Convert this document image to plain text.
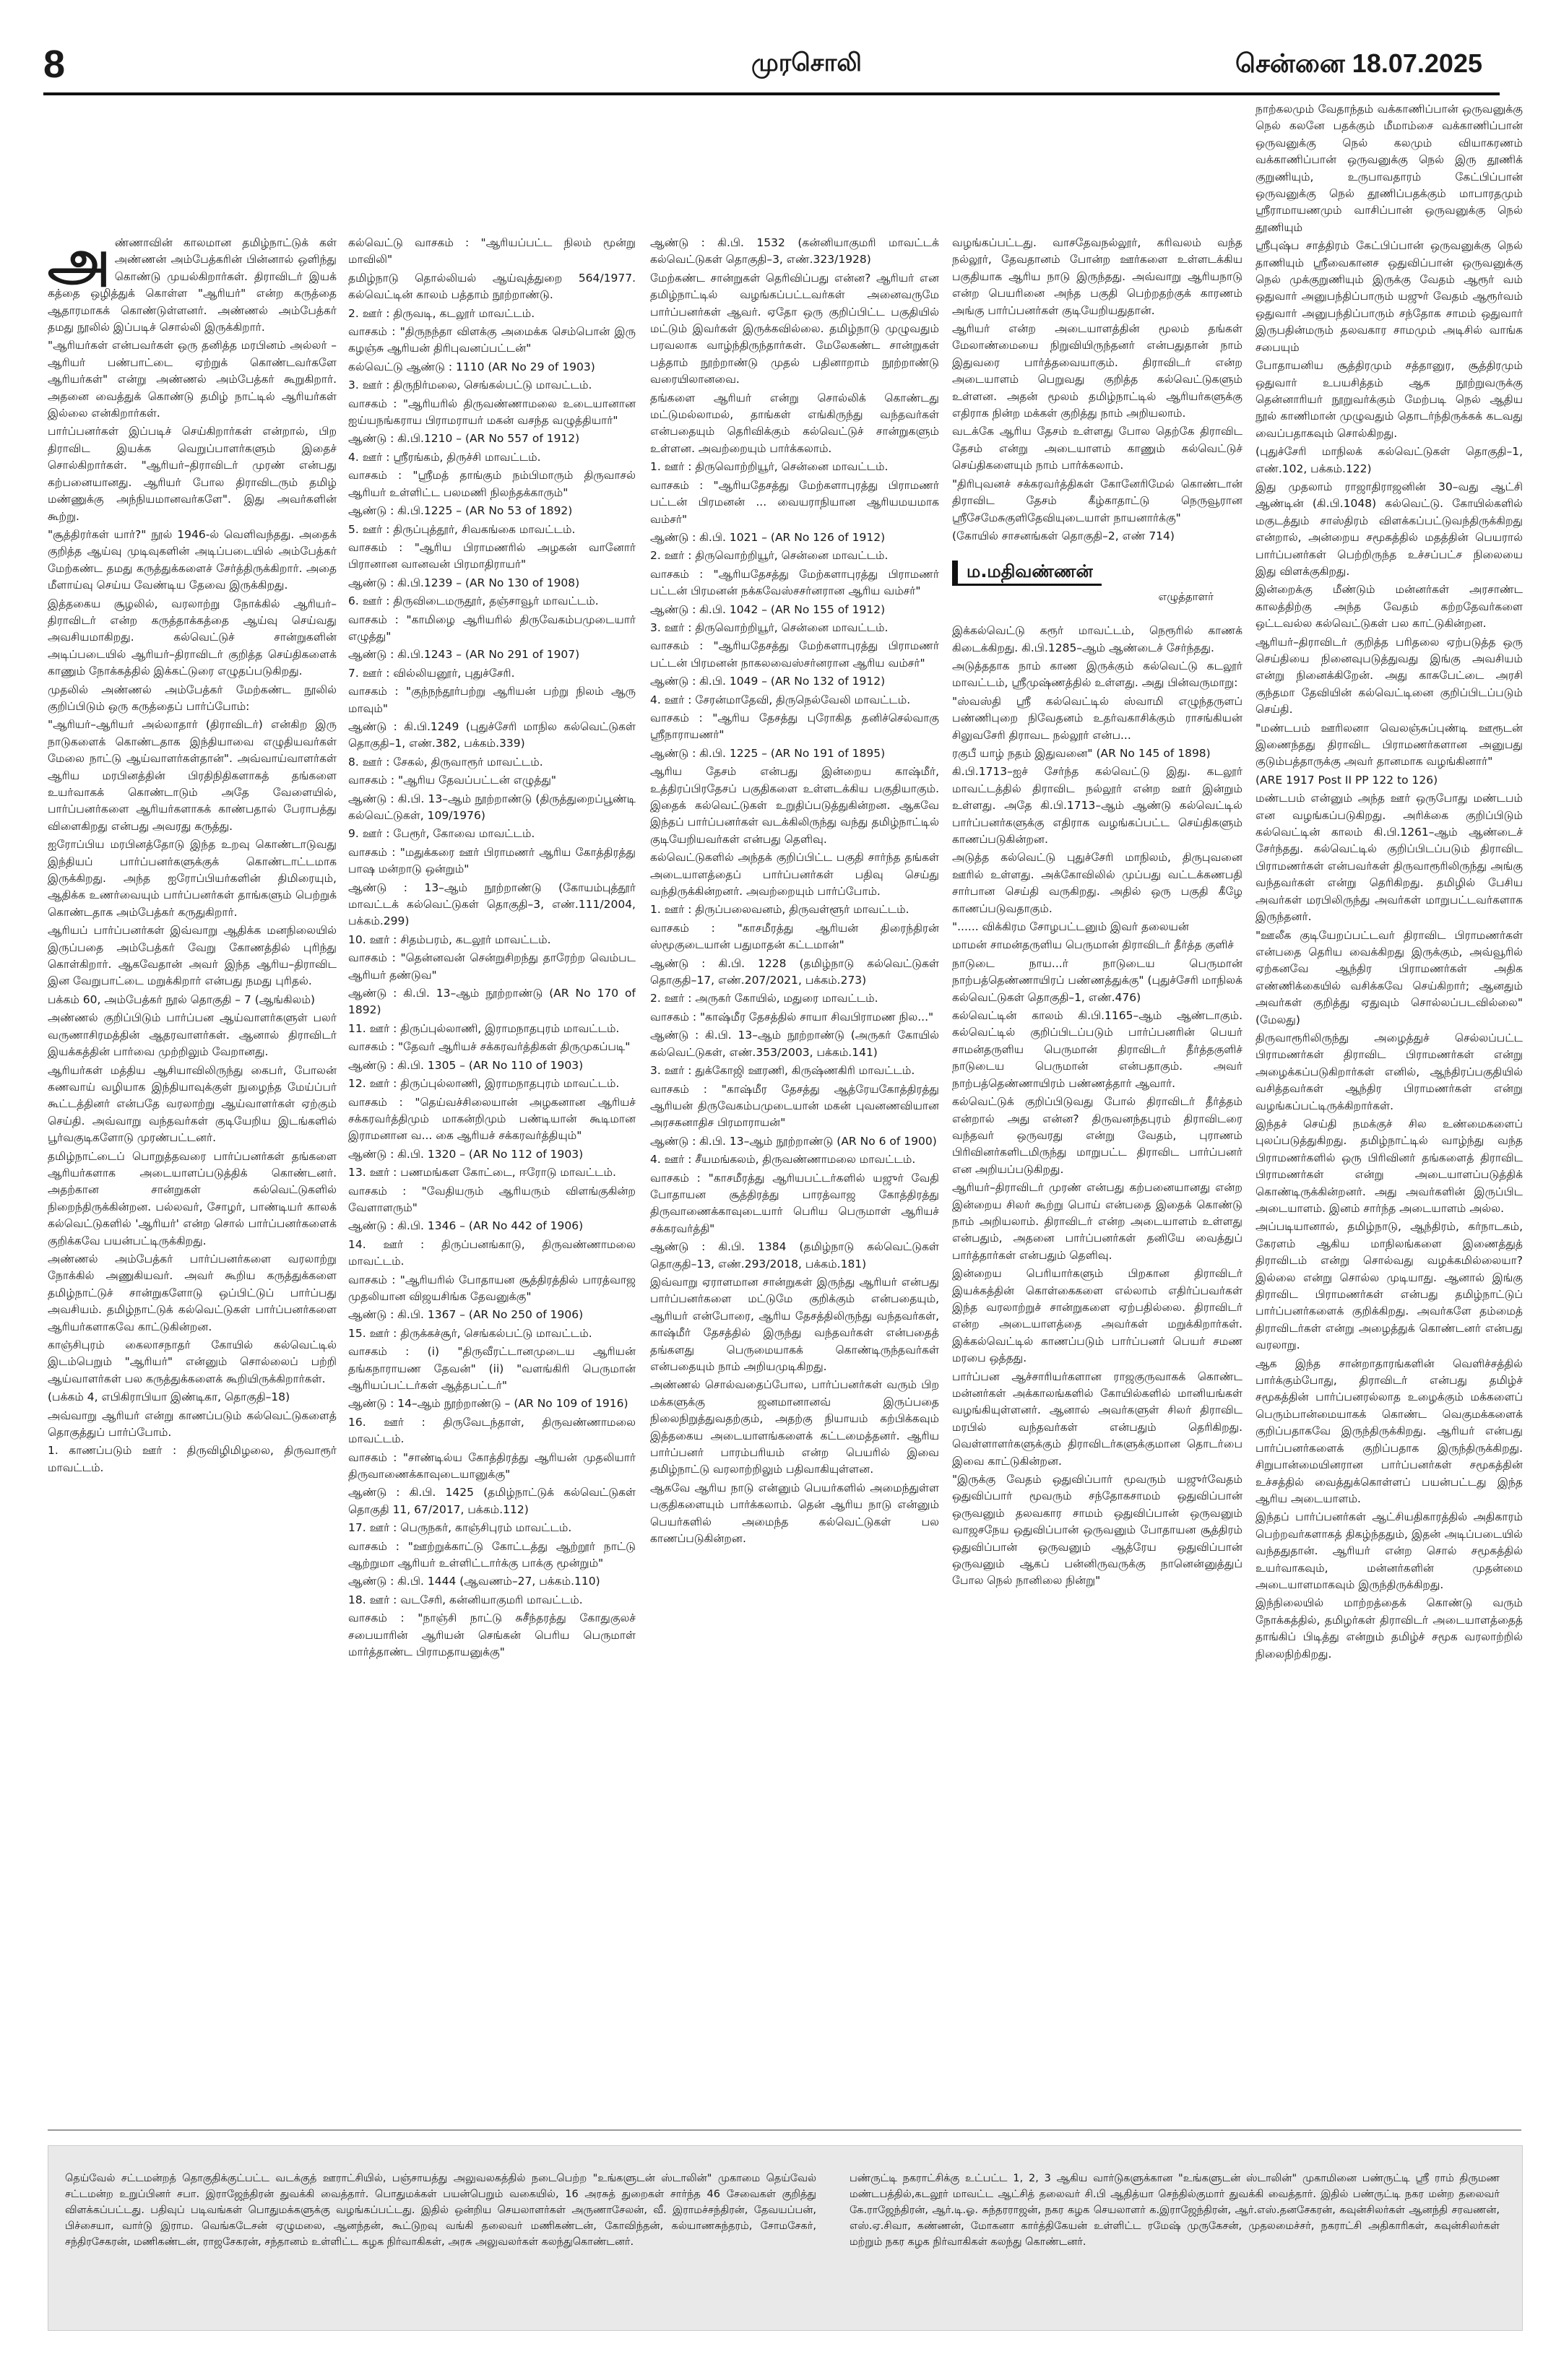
8	முரசொலி	சென்னை 18.07.2025

அண்ணாவின் காலமான தமிழ்நாட்டுக் கள் அண்ணன் அம்பேத்கரின் பின்னால் ஒளிந்து கொண்டு முயல்கிறார்கள். திராவிடர் இயக் கத்தை ஒழித்துக் கொள்ள "ஆரியர்" என்ற கருத்தை ஆதாரமாகக் கொண்டுள்ளனர். அண்ணல் அம்பேத்கர் தமது நூலில் இப்படிச் சொல்லி இருக்கிறார்.

"ஆரியர்கள் என்பவர்கள் ஒரு தனித்த மரபினம் அல்லர் – ஆரியர் பண்பாட்டை ஏற்றுக் கொண்டவர்களே ஆரியர்கள்" என்று அண்ணல் அம்பேத்கர் கூறுகிறார். அதனை வைத்துக் கொண்டு தமிழ் நாட்டில் ஆரியர்கள் இல்லை என்கிறார்கள்.

பார்ப்பனர்கள் இப்படிச் செய்கிறார்கள் என்றால், பிற திராவிட இயக்க வெறுப்பாளர்களும் இதைச் சொல்கிறார்கள். "ஆரியர்–திராவிடர் முரண் என்பது கற்பனையானது. ஆரியர் போல திராவிடரும் தமிழ் மண்ணுக்கு அந்நியமானவர்களே". இது அவர்களின் கூற்று.

"சூத்திரர்கள் யார்?" நூல் 1946-ல் வெளிவந்தது. அதைக் குறித்த ஆய்வு முடிவுகளின் அடிப்படையில் அம்பேத்கர் மேற்கண்ட தமது கருத்துக்களைச் சேர்த்திருக்கிறார். அதை மீளாய்வு செய்ய வேண்டிய தேவை இருக்கிறது.

இத்தகைய சூழலில், வரலாற்று நோக்கில் ஆரியர்–திராவிடர் என்ற கருத்தாக்கத்தை ஆய்வு செய்வது அவசியமாகிறது. கல்வெட்டுச் சான்றுகளின் அடிப்படையில் ஆரியர்–திராவிடர் குறித்த செய்திகளைக் காணும் நோக்கத்தில் இக்கட்டுரை எழுதப்படுகிறது.

முதலில் அண்ணல் அம்பேத்கர் மேற்கண்ட நூலில் குறிப்பிடும் ஒரு கருத்தைப் பார்ப்போம்:

"ஆரியர்–ஆரியர் அல்லாதார் (திராவிடர்) என்கிற இரு நாடுகளைக் கொண்டதாக இந்தியாவை எழுதியவர்கள் மேலை நாட்டு ஆய்வாளர்கள்தான்". அவ்வாய்வாளர்கள் ஆரிய மரபினத்தின் பிரதிநிதிகளாகத் தங்களை உயர்வாகக் கொண்டாடும் அதே வேளையில், பார்ப்பனர்களை ஆரியர்களாகக் காண்பதால் பேராபத்து விளைகிறது என்பது அவரது கருத்து.

ஐரோப்பிய மரபினத்தோடு இந்த உறவு கொண்டாடுவது இந்தியப் பார்ப்பனர்களுக்குக் கொண்டாட்டமாக இருக்கிறது. அந்த ஐரோப்பியர்களின் திமிரையும், ஆதிக்க உணர்வையும் பார்ப்பனர்கள் தாங்களும் பெற்றுக் கொண்டதாக அம்பேத்கர் கருதுகிறார்.

ஆரியப் பார்ப்பனர்கள் இவ்வாறு ஆதிக்க மனநிலையில் இருப்பதை அம்பேத்கர் வேறு கோணத்தில் புரிந்து கொள்கிறார். ஆகவேதான் அவர் இந்த ஆரிய–திராவிட இன வேறுபாட்டை மறுக்கிறார் என்பது நமது புரிதல்.

பக்கம் 60, அம்பேத்கர் நூல் தொகுதி – 7 (ஆங்கிலம்)

அண்ணல் குறிப்பிடும் பார்ப்பன ஆய்வாளர்களுள் பலர் வருணாசிரமத்தின் ஆதரவாளர்கள். ஆனால் திராவிடர் இயக்கத்தின் பார்வை முற்றிலும் வேறானது.

ஆரியர்கள் மத்திய ஆசியாவிலிருந்து கைபர், போலன் கணவாய் வழியாக இந்தியாவுக்குள் நுழைந்த மேய்ப்பர் கூட்டத்தினர் என்பதே வரலாற்று ஆய்வாளர்கள் ஏற்கும் செய்தி. அவ்வாறு வந்தவர்கள் குடியேறிய இடங்களில் பூர்வகுடிகளோடு முரண்பட்டனர்.

தமிழ்நாட்டைப் பொறுத்தவரை பார்ப்பனர்கள் தங்களை ஆரியர்களாக அடையாளப்படுத்திக் கொண்டனர். அதற்கான சான்றுகள் கல்வெட்டுகளில் நிறைந்திருக்கின்றன. பல்லவர், சோழர், பாண்டியர் காலக் கல்வெட்டுகளில் 'ஆரியர்' என்ற சொல் பார்ப்பனர்களைக் குறிக்கவே பயன்பட்டிருக்கிறது.

அண்ணல் அம்பேத்கர் பார்ப்பனர்களை வரலாற்று நோக்கில் அணுகியவர். அவர் கூறிய கருத்துக்களை தமிழ்நாட்டுச் சான்றுகளோடு ஒப்பிட்டுப் பார்ப்பது அவசியம். தமிழ்நாட்டுக் கல்வெட்டுகள் பார்ப்பனர்களை ஆரியர்களாகவே காட்டுகின்றன.

காஞ்சிபுரம் கைலாசநாதர் கோயில் கல்வெட்டில் இடம்பெறும் "ஆரியர்" என்னும் சொல்லைப் பற்றி ஆய்வாளர்கள் பல கருத்துக்களைக் கூறியிருக்கிறார்கள்.

(பக்கம் 4, எபிகிராபியா இண்டிகா, தொகுதி–18)

அவ்வாறு ஆரியர் என்று காணப்படும் கல்வெட்டுகளைத் தொகுத்துப் பார்ப்போம்.

1. காணப்படும் ஊர் : திருவிழிமிழலை, திருவாரூர் மாவட்டம்.

கல்வெட்டு வாசகம் : "ஆரியப்பட்ட நிலம் மூன்று மாவிலி"

தமிழ்நாடு தொல்லியல் ஆய்வுத்துறை 564/1977. கல்வெட்டின் காலம் பத்தாம் நூற்றாண்டு.

2. ஊர் : திருவடி, கடலூர் மாவட்டம்.

வாசகம் : "திருநந்தா விளக்கு அமைக்க செம்பொன் இரு கழஞ்சு ஆரியன் திரிபுவனப்பட்டன்"

கல்வெட்டு ஆண்டு : 1110 (AR No 29 of 1903)

3. ஊர் : திருநிர்மலை, செங்கல்பட்டு மாவட்டம்.

வாசகம் : "ஆரியரில் திருவண்ணாமலை உடையானான ஐய்யநங்கராய பிராமராயர் மகன் வசந்த வழுத்தியார்"

ஆண்டு : கி.பி.1210 – (AR No 557 of 1912)

4. ஊர் : ஸ்ரீரங்கம், திருச்சி மாவட்டம்.

வாசகம் : "ஸ்ரீமத் தாங்கும் நம்பிமாரும் திருவாசல் ஆரியர் உள்ளிட்ட பலமணி நிலந்தக்காரும்"

ஆண்டு : கி.பி.1225 – (AR No 53 of 1892)

5. ஊர் : திருப்புத்தூர், சிவகங்கை மாவட்டம்.

வாசகம் : "ஆரிய பிராமணரில் அழகன் வானோர் பிரானான வானவன் பிரமாதிராயர்"

ஆண்டு : கி.பி.1239 – (AR No 130 of 1908)

6. ஊர் : திருவிடைமருதூர், தஞ்சாவூர் மாவட்டம்.

வாசகம் : "காமிழை ஆரியரில் திருவேகம்பமுடையார் எழுத்து"

ஆண்டு : கி.பி.1243 – (AR No 291 of 1907)

7. ஊர் : வில்லியனூர், புதுச்சேரி.

வாசகம் : "குந்நந்தூர்பற்று ஆரியன் பற்று நிலம் ஆரு மாவும்"

ஆண்டு : கி.பி.1249 (புதுச்சேரி மாநில கல்வெட்டுகள் தொகுதி–1, எண்.382, பக்கம்.339)

8. ஊர் : சேகல், திருவாரூர் மாவட்டம்.

வாசகம் : "ஆரிய தேவப்பட்டன் எழுத்து"

ஆண்டு : கி.பி. 13–ஆம் நூற்றாண்டு (திருத்துறைப்பூண்டி கல்வெட்டுகள், 109/1976)

9. ஊர் : பேரூர், கோவை மாவட்டம்.

வாசகம் : "மதுக்கரை ஊர் பிராமணர் ஆரிய கோத்திரத்து பாஷ மன்றாடு ஒன்றும்"

ஆண்டு : 13–ஆம் நூற்றாண்டு (கோயம்புத்தூர் மாவட்டக் கல்வெட்டுகள் தொகுதி–3, எண்.111/2004, பக்கம்.299)

10. ஊர் : சிதம்பரம், கடலூர் மாவட்டம்.

வாசகம் : "தென்னவன் சென்றுசிறந்து தாரேற்ற வெம்பட ஆரியர் தண்டுவ"

ஆண்டு : கி.பி. 13–ஆம் நூற்றாண்டு (AR No 170 of 1892)

11. ஊர் : திருப்புல்லாணி, இராமநாதபுரம் மாவட்டம்.

வாசகம் : "தேவர் ஆரியச் சக்கரவர்த்திகள் திருமுகப்படி"

ஆண்டு : கி.பி. 1305 – (AR No 110 of 1903)

12. ஊர் : திருப்புல்லாணி, இராமநாதபுரம் மாவட்டம்.

வாசகம் : "தெய்வச்சிலையான் அழகனான ஆரியச் சக்கரவர்த்திமும் மாகன்றிமும் பண்டியான் கூடிமான இராமனான வ... கை ஆரியச் சக்கரவர்த்தியும்"

ஆண்டு : கி.பி. 1320 – (AR No 112 of 1903)

13. ஊர் : பணமங்கள கோட்டை, ஈரோடு மாவட்டம்.

வாசகம் : "வேதியரும் ஆரியரும் விளங்குகின்ற வேளாளரும்"

ஆண்டு : கி.பி. 1346 – (AR No 442 of 1906)

14. ஊர் : திருப்பனங்காடு, திருவண்ணாமலை மாவட்டம்.

வாசகம் : "ஆரியரில் போதாயன சூத்திரத்தில் பாரத்வாஜ முதலியான விஜயசிங்க தேவனுக்கு"

ஆண்டு : கி.பி. 1367 – (AR No 250 of 1906)

15. ஊர் : திருக்கச்சூர், செங்கல்பட்டு மாவட்டம்.

வாசகம் : (i) "திருவீரட்டானமுடைய ஆரியன் தங்கநாராயண தேவன்" (ii) "வளங்கிரி பெருமான் ஆரியப்பட்டர்கள் ஆத்தபட்டர்"

ஆண்டு : 14–ஆம் நூற்றாண்டு – (AR No 109 of 1916)

16. ஊர் : திருவேடந்தாள், திருவண்ணாமலை மாவட்டம்.

வாசகம் : "சாண்டில்ய கோத்திரத்து ஆரியன் முதலியார் திருவாணைக்காவுடையானுக்கு"

ஆண்டு : கி.பி. 1425 (தமிழ்நாட்டுக் கல்வெட்டுகள் தொகுதி 11, 67/2017, பக்கம்.112)

17. ஊர் : பெருநகர், காஞ்சிபுரம் மாவட்டம்.

வாசகம் : "ஊற்றுக்காட்டு கோட்டத்து ஆற்றூர் நாட்டு ஆற்றுமா ஆரியர் உள்ளிட்டார்க்கு பாக்கு மூன்றும்"

ஆண்டு : கி.பி. 1444 (ஆவணம்–27, பக்கம்.110)

18. ஊர் : வடசேரி, கன்னியாகுமரி மாவட்டம்.

வாசகம் : "நாஞ்சி நாட்டு சுசீந்தரத்து கோதுகுலச் சபையாரின் ஆரியன் செங்கன் பெரிய பெருமாள் மார்த்தாண்ட பிராமதாயனுக்கு"

ஆண்டு : கி.பி. 1532 (கன்னியாகுமரி மாவட்டக் கல்வெட்டுகள் தொகுதி–3, எண்.323/1928)

மேற்கண்ட சான்றுகள் தெரிவிப்பது என்ன? ஆரியர் என தமிழ்நாட்டில் வழங்கப்பட்டவர்கள் அனைவருமே பார்ப்பனர்கள் ஆவர். ஏதோ ஒரு குறிப்பிட்ட பகுதியில் மட்டும் இவர்கள் இருக்கவில்லை. தமிழ்நாடு முழுவதும் பரவலாக வாழ்ந்திருந்தார்கள். மேலேகண்ட சான்றுகள் பத்தாம் நூற்றாண்டு முதல் பதினாறாம் நூற்றாண்டு வரையிலானவை.

தங்களை ஆரியர் என்று சொல்லிக் கொண்டது மட்டுமல்லாமல், தாங்கள் எங்கிருந்து வந்தவர்கள் என்பதையும் தெரிவிக்கும் கல்வெட்டுச் சான்றுகளும் உள்ளன. அவற்றையும் பார்க்கலாம்.

1. ஊர் : திருவொற்றியூர், சென்னை மாவட்டம்.

வாசகம் : "ஆரியதேசத்து மேற்களாபுரத்து பிராமணர் பட்டன் பிரமனன் ... வையராநியான ஆரியமயமாக வம்சர்"

ஆண்டு : கி.பி. 1021 – (AR No 126 of 1912)

2. ஊர் : திருவொற்றியூர், சென்னை மாவட்டம்.

வாசகம் : "ஆரியதேசத்து மேற்களாபுரத்து பிராமணர் பட்டன் பிரமனன் நக்கவேஸ்சசர்னரான ஆரிய வம்சர்"

ஆண்டு : கி.பி. 1042 – (AR No 155 of 1912)

3. ஊர் : திருவொற்றியூர், சென்னை மாவட்டம்.

வாசகம் : "ஆரியதேசத்து மேற்களாபுரத்து பிராமணர் பட்டன் பிரமனன் நாகலவைஸ்சர்னரான ஆரிய வம்சர்"

ஆண்டு : கி.பி. 1049 – (AR No 132 of 1912)

4. ஊர் : சேரன்மாதேவி, திருநெல்வேலி மாவட்டம்.

வாசகம் : "ஆரிய தேசத்து புரோகித தனிச்செல்வாகு ஸ்ரீநாராயணர்"

ஆண்டு : கி.பி. 1225 – (AR No 191 of 1895)

ஆரிய தேசம் என்பது இன்றைய காஷ்மீர், உத்திரப்பிரதேசப் பகுதிகளை உள்ளடக்கிய பகுதியாகும். இதைக் கல்வெட்டுகள் உறுதிப்படுத்துகின்றன. ஆகவே இந்தப் பார்ப்பனர்கள் வடக்கிலிருந்து வந்து தமிழ்நாட்டில் குடியேறியவர்கள் என்பது தெளிவு.

கல்வெட்டுகளில் அந்தக் குறிப்பிட்ட பகுதி சார்ந்த தங்கள் அடையாளத்தைப் பார்ப்பனர்கள் பதிவு செய்து வந்திருக்கின்றனர். அவற்றையும் பார்ப்போம்.

1. ஊர் : திருப்பலைவனம், திருவள்ளூர் மாவட்டம்.

வாசகம் : "காசமீரத்து ஆரியன் திரைந்திரன் ஸ்மூகுடையான் பதுமாதன் கட்டமான்"

ஆண்டு : கி.பி. 1228 (தமிழ்நாடு கல்வெட்டுகள் தொகுதி–17, எண்.207/2021, பக்கம்.273)

2. ஊர் : அருகர் கோயில், மதுரை மாவட்டம்.

வாசகம் : "காஷ்மீர தேசத்தில் சாயா சிவபிராமண நில..."

ஆண்டு : கி.பி. 13–ஆம் நூற்றாண்டு (அருகர் கோயில் கல்வெட்டுகள், எண்.353/2003, பக்கம்.141)

3. ஊர் : துக்கோஜி ஊரணி, கிருஷ்ணகிரி மாவட்டம்.

வாசகம் : "காஷ்மீர தேசத்து ஆத்ரேயகோத்திரத்து ஆரியன் திருவேகம்பமுடையான் மகன் புவனணவியான அரசகனாதிச பிரமாராயன்"

ஆண்டு : கி.பி. 13–ஆம் நூற்றாண்டு (AR No 6 of 1900)

4. ஊர் : சீயமங்கலம், திருவண்ணாமலை மாவட்டம்.

வாசகம் : "காசமீரத்து ஆரியபட்டர்களில் யஜுர் வேதி போதாயன சூத்திரத்து பாரத்வாஜ கோத்திரத்து திருவாணைக்காவுடையார் பெரிய பெருமாள் ஆரியச் சக்கரவர்த்தி"

ஆண்டு : கி.பி. 1384 (தமிழ்நாடு கல்வெட்டுகள் தொகுதி–13, எண்.293/2018, பக்கம்.181)

இவ்வாறு ஏராளமான சான்றுகள் இருந்து ஆரியர் என்பது பார்ப்பனர்களை மட்டுமே குறிக்கும் என்பதையும், ஆரியர் என்போரை, ஆரிய தேசத்திலிருந்து வந்தவர்கள், காஷ்மீர் தேசத்தில் இருந்து வந்தவர்கள் என்பதைத் தங்களது பெருமையாகக் கொண்டிருந்தவர்கள் என்பதையும் நாம் அறியமுடிகிறது.

அண்ணல் சொல்வதைப்போல, பார்ப்பனர்கள் வரும் பிற மக்களுக்கு ஜனமானானவ் இருப்பதை நிலைநிறுத்துவதற்கும், அதற்கு நியாயம் கற்பிக்கவும் இத்தகைய அடையாளங்களைக் கட்டமைத்தனர். ஆரிய பார்ப்பனர் பாரம்பரியம் என்ற பெயரில் இவை தமிழ்நாட்டு வரலாற்றிலும் பதிவாகியுள்ளன.

ஆகவே ஆரிய நாடு என்னும் பெயர்களில் அமைந்துள்ள பகுதிகளையும் பார்க்கலாம். தென் ஆரிய நாடு என்னும் பெயர்களில் அமைந்த கல்வெட்டுகள் பல காணப்படுகின்றன.

வழங்கப்பட்டது. வாசதேவநல்லூர், கரிவலம் வந்த நல்லூர், தேவதானம் போன்ற ஊர்களை உள்ளடக்கிய பகுதியாக ஆரிய நாடு இருந்தது. அவ்வாறு ஆரியநாடு என்ற பெயரினை அந்த பகுதி பெற்றதற்குக் காரணம் அங்கு பார்ப்பனர்கள் குடியேறியதுதான்.

ஆரியர் என்ற அடையாளத்தின் மூலம் தங்கள் மேலாண்மையை நிறுவியிருந்தனர் என்பதுதான் நாம் இதுவரை பார்த்தவையாகும். திராவிடர் என்ற அடையாளம் பெறுவது குறித்த கல்வெட்டுகளும் உள்ளன. அதன் மூலம் தமிழ்நாட்டில் ஆரியர்களுக்கு எதிராக நின்ற மக்கள் குறித்து நாம் அறியலாம்.

வடக்கே ஆரிய தேசம் உள்ளது போல தெற்கே திராவிட தேசம் என்று அடையாளம் காணும் கல்வெட்டுச் செய்திகளையும் நாம் பார்க்கலாம்.

"திரிபுவனச் சக்கரவர்த்திகள் கோனேரிமேல் கொண்டான் திராவிட தேசம் கீழ்காதாட்டு நெருவூரான ஸ்ரீசேமேசுகுளிதேவியுடையாள் நாயனார்க்கு"

(கோயில் சாசனங்கள் தொகுதி–2, எண் 714)

ம.மதிவண்ணன்
எழுத்தாளர்

இக்கல்வெட்டு கரூர் மாவட்டம், நெரூரில் காணக் கிடைக்கிறது. கி.பி.1285–ஆம் ஆண்டைச் சேர்ந்தது.

அடுத்ததாக நாம் காண இருக்கும் கல்வெட்டு கடலூர் மாவட்டம், ஸ்ரீமுஷ்ணத்தில் உள்ளது. அது பின்வருமாறு:

"ஸ்வஸ்தி ஸ்ரீ கல்வெட்டில் ஸ்வாமி எழுந்தருளப் பண்ணிபுறை நிவேதனம் உதர்வகாசிக்கும் ராசங்கியன் சிலுவசேரி திராவட நல்லூர் என்ப...

ரகுபீ யாழ் நதம் இதுவனை" (AR No 145 of 1898)

கி.பி.1713–ஐச் சேர்ந்த கல்வெட்டு இது. கடலூர் மாவட்டத்தில் திராவிட நல்லூர் என்ற ஊர் இன்றும் உள்ளது. அதே கி.பி.1713–ஆம் ஆண்டு கல்வெட்டில் பார்ப்பனர்களுக்கு எதிராக வழங்கப்பட்ட செய்திகளும் காணப்படுகின்றன.

அடுத்த கல்வெட்டு புதுச்சேரி மாநிலம், திருபுவனை ஊரில் உள்ளது. அக்கோவிலில் முப்பது வட்டக்கணபதி சார்பான செய்தி வருகிறது. அதில் ஒரு பகுதி கீழே காணப்படுவதாகும்.

"...... விக்கிரம சோழபட்டனும் இவர் தலையன்

மாமன் சாமன்தருளிய பெருமான் திராவிடர் தீர்த்த குளிச்

நாடுடை நாய...ர் நாடுடைய பெருமான் நாற்பத்தெண்ணாயிரப் பண்ணத்துக்கு" (புதுச்சேரி மாநிலக் கல்வெட்டுகள் தொகுதி–1, எண்.476)

கல்வெட்டின் காலம் கி.பி.1165–ஆம் ஆண்டாகும். கல்வெட்டில் குறிப்பிடப்படும் பார்ப்பனரின் பெயர் சாமன்தருளிய பெருமான் திராவிடர் தீர்த்தகுளிச் நாடுடைய பெருமான் என்பதாகும். அவர் நாற்பத்தெண்ணாயிரம் பண்ணத்தார் ஆவார்.

கல்வெட்டுக் குறிப்பிடுவது போல் திராவிடர் தீர்த்தம் என்றால் அது என்ன? திருவனந்தபுரம் திராவிடரை வந்தவர் ஒருவரது என்று வேதம், புராணம் பிரிவினர்களிடமிருந்து மாறுபட்ட திராவிட பார்ப்பனர் என அறியப்படுகிறது.

ஆரியர்–திராவிடர் முரண் என்பது கற்பனையானது என்ற இன்றைய சிலர் கூற்று பொய் என்பதை இதைக் கொண்டு நாம் அறியலாம். திராவிடர் என்ற அடையாளம் உள்ளது என்பதும், அதனை பார்ப்பனர்கள் தனியே வைத்துப் பார்த்தார்கள் என்பதும் தெளிவு.

இன்றைய பெரியார்களும் பிறகான திராவிடர் இயக்கத்தின் கொள்கைகளை எல்லாம் எதிர்ப்பவர்கள் இந்த வரலாற்றுச் சான்றுகளை ஏற்பதில்லை. திராவிடர் என்ற அடையாளத்தை அவர்கள் மறுக்கிறார்கள். இக்கல்வெட்டில் காணப்படும் பார்ப்பனர் பெயர் சமண மரபை ஒத்தது.

பார்ப்பன ஆச்சாரியர்களான ராஜகுருவாகக் கொண்ட மன்னர்கள் அக்காலங்களில் கோயில்களில் மானியங்கள் வழங்கியுள்ளனர். ஆனால் அவர்களுள் சிலர் திராவிட மரபில் வந்தவர்கள் என்பதும் தெரிகிறது. வெள்ளாளர்களுக்கும் திராவிடர்களுக்குமான தொடர்பை இவை காட்டுகின்றன.

"இருக்கு வேதம் ஒதுவிப்பார் மூவரும் யஜுர்வேதம் ஒதுவிப்பார் மூவரும் சந்தோகசாமம் ஒதுவிப்பான் ஒருவனும் தலவகார சாமம் ஒதுவிப்பான் ஒருவனும் வாஜசநேய ஒதுவிப்பான் ஒருவனும் போதாயன சூத்திரம் ஒதுவிப்பான் ஒருவனும் ஆத்ரேய ஒதுவிப்பான் ஒருவனும் ஆகப் பன்னிருவருக்கு நானென்னுத்துப் போல நெல் நானிலை நின்று"

நாற்கலமும் வேதாந்தம் வக்காணிப்பான் ஒருவனுக்கு நெல் கலனே பதக்கும் மீமாம்சை வக்காணிப்பான் ஒருவனுக்கு நெல் கலமும் வியாகரணம் வக்காணிப்பான் ஒருவனுக்கு நெல் இரு தூணிக் குறுணியும், உருபாவதாரம் கேட்பிப்பான் ஒருவனுக்கு நெல் தூணிப்பதக்கும் மாபாரதமும் ஸ்ரீராமாயணமும் வாசிப்பான் ஒருவனுக்கு நெல் தூணியும்

ஸ்ரீபுஷ்ப சாத்திரம் கேட்பிப்பான் ஒருவனுக்கு நெல் தாணியும் ஸ்ரீவைகானச ஒதுவிப்பான் ஒருவனுக்கு நெல் முக்குறுணியும் இருக்கு வேதம் ஆரூர் வம் ஒதுவார் அனுபந்திப்பாரும் யஜுர் வேதம் ஆரூர்வம் ஒதுவார் அனுபந்திப்பாரும் சந்தோக சாமம் ஒதுவார் இருபதின்மரும் தலவகார சாமமும் அடிசில் வாங்க சபையும்

போதாயனிய சூத்திரமும் சத்தானுர, சூத்திரமும் ஒதுவார் உபயசித்தம் ஆக நூற்றுவருக்கு தென்னாரியர் நூறுவர்க்கும் மேற்படி நெல் ஆதிய நூல் காணிமான் முழுவதும் தொடர்ந்திருக்கக் கடவது வைப்பதாகவும் சொல்கிறது.

(புதுச்சேரி மாநிலக் கல்வெட்டுகள் தொகுதி–1, எண்.102, பக்கம்.122)

இது முதலாம் ராஜாதிராஜனின் 30–வது ஆட்சி ஆண்டின் (கி.பி.1048) கல்வெட்டு. கோயில்களில் மகுடத்தும் சாஸ்திரம் விளக்கப்பட்டுவந்திருக்கிறது என்றால், அன்றைய சமூகத்தில் மதத்தின் பெயரால் பார்ப்பனர்கள் பெற்றிருந்த உச்சப்பட்ச நிலையை இது விளக்குகிறது.

இன்றைக்கு மீண்டும் மன்னர்கள் அரசாண்ட காலத்திற்கு அந்த வேதம் கற்றதேவர்களை ஒட்டவல்ல கல்வெட்டுகள் பல காட்டுகின்றன.

ஆரியர்–திராவிடர் குறித்த பரிதலை ஏற்படுத்த ஒரு செய்தியை நினைவுபடுத்துவது இங்கு அவசியம் என்று நினைக்கிறேன். அது காசுபேட்டை அரசி குந்தமா தேவியின் கல்வெட்டினை குறிப்பிடப்படும் செய்தி.

"மண்டபம் ஊரிலனா வெலஞ்சுப்புண்டி ஊரூடன் இணைந்தது திராவிட பிராமணர்களான அனுபது குடும்பத்தாருக்கு அவர் தானமாக வழங்கினார்"

(ARE 1917 Post II PP 122 to 126)

மண்டபம் என்னும் அந்த ஊர் ஒருபோது மண்டபம் என வழங்கப்படுகிறது. அரிக்கை குறிப்பிடும் கல்வெட்டின் காலம் கி.பி.1261–ஆம் ஆண்டைச் சேர்ந்தது. கல்வெட்டில் குறிப்பிடப்படும் திராவிட பிராமணர்கள் என்பவர்கள் திருவாரூரிலிருந்து அங்கு வந்தவர்கள் என்று தெரிகிறது. தமிழில் பேசிய அவர்கள் மரபிலிருந்து அவர்கள் மாறுபட்டவர்களாக இருந்தனர்.

"ஊலீக குடியேறப்பட்டவர் திராவிட பிராமணர்கள் என்பதை தெரிய வைக்கிறது இருக்கும், அவ்வூரில் ஏற்கனவே ஆந்திர பிராமணர்கள் அதிக எண்ணிக்கையில் வசிக்கவே செய்கிறார்; ஆனதும் அவர்கள் குறித்து ஏதுவும் சொல்லப்படவில்லை" (மேலது)

திருவாரூரிலிருந்து அழைத்துச் செல்லப்பட்ட பிராமணர்கள் திராவிட பிராமணர்கள் என்று அழைக்கப்படுகிறார்கள் எனில், ஆந்திரப்பகுதியில் வசித்தவர்கள் ஆந்திர பிராமணர்கள் என்று வழங்கப்பட்டிருக்கிறார்கள்.

இந்தச் செய்தி நமக்குச் சில உண்மைகளைப் புலப்படுத்துகிறது. தமிழ்நாட்டில் வாழ்ந்து வந்த பிராமணர்களில் ஒரு பிரிவினர் தங்களைத் திராவிட பிராமணர்கள் என்று அடையாளப்படுத்திக் கொண்டிருக்கின்றனர். அது அவர்களின் இருப்பிட அடையாளம். இனம் சார்ந்த அடையாளம் அல்ல.

அப்படியானால், தமிழ்நாடு, ஆந்திரம், கர்நாடகம், கேரளம் ஆகிய மாநிலங்களை இணைத்துத் திராவிடம் என்று சொல்வது வழக்கமில்லையா? இல்லை என்று சொல்ல முடியாது. ஆனால் இங்கு திராவிட பிராமணர்கள் என்பது தமிழ்நாட்டுப் பார்ப்பனர்களைக் குறிக்கிறது. அவர்களே தம்மைத் திராவிடர்கள் என்று அழைத்துக் கொண்டனர் என்பது வரலாறு.

ஆக இந்த சான்றாதாரங்களின் வெளிச்சத்தில் பார்க்கும்போது, திராவிடர் என்பது தமிழ்ச் சமூகத்தின் பார்ப்பனரல்லாத உழைக்கும் மக்களைப் பெரும்பான்மையாகக் கொண்ட வெகுமக்களைக் குறிப்பதாகவே இருந்திருக்கிறது. ஆரியர் என்பது பார்ப்பனர்களைக் குறிப்பதாக இருந்திருக்கிறது. சிறுபான்மையினரான பார்ப்பனர்கள் சமூகத்தின் உச்சத்தில் வைத்துக்கொள்ளப் பயன்பட்டது இந்த ஆரிய அடையாளம்.

இந்தப் பார்ப்பனர்கள் ஆட்சியதிகாரத்தில் அதிகாரம் பெற்றவர்களாகத் திகழ்ந்ததும், இதன் அடிப்படையில் வந்ததுதான். ஆரியர் என்ற சொல் சமூகத்தில் உயர்வாகவும், மன்னர்களின் முதன்மை அடையாளமாகவும் இருந்திருக்கிறது.

இந்நிலையில் மாற்றத்தைக் கொண்டு வரும் நோக்கத்தில், தமிழர்கள் திராவிடர் அடையாளத்தைத் தாங்கிப் பிடித்து என்றும் தமிழ்ச் சமூக வரலாற்றில் நிலைநிற்கிறது.

தெய்வேல் சட்டமன்றத் தொகுதிக்குட்பட்ட வடக்குத் ஊராட்சியில், பஞ்சாயத்து அலுவலகத்தில் நடைபெற்ற "உங்களுடன் ஸ்டாலின்" முகாமை தெய்வேல் சட்டமன்ற உறுப்பினர் சபா. இராஜேந்திரன் துவக்கி வைத்தார். பொதுமக்கள் பயன்பெறும் வகையில், 16 அரசுத் துறைகள் சார்ந்த 46 சேவைகள் குறித்து விளக்கப்பட்டது. பதிவுப் படிவங்கள் பொதுமக்களுக்கு வழங்கப்பட்டது. இதில் ஒன்றிய செயலாளர்கள் அருணாசேலன், வீ. இராமச்சந்திரன், தேவயப்பன், பிச்சையா, வார்டு இராம. வெங்கடேசன் ஏழுமலை, ஆனந்தன், கூட்டுறவு வங்கி தலைவர் மணிகண்டன், கோவிந்தன், கல்யாணசுந்தரம், சோமசேகர், சந்திரசேகரன், மணிகண்டன், ராஜசேகரன், சந்தானம் உள்ளிட்ட கழக நிர்வாகிகள், அரசு அலுவலர்கள் கலந்துகொண்டனர்.

பண்ருட்டி நகராட்சிக்கு உட்பட்ட 1, 2, 3 ஆகிய வார்டுகளுக்கான "உங்களுடன் ஸ்டாலின்" முகாமினை பண்ருட்டி ஸ்ரீ ராம் திருமண மண்டபத்தில்,கடலூர் மாவட்ட ஆட்சித் தலைவர் சி.பி ஆதித்யா செந்தில்குமார் துவக்கி வைத்தார். இதில் பண்ருட்டி நகர மன்ற தலைவர் கே.ராஜேந்திரன், ஆர்.டி.ஓ. சுந்தரராஜன், நகர கழக செயலாளர் க.இராஜேந்திரன், ஆர்.எஸ்.தனசேகரன், கவுன்சிலர்கள் ஆனந்தி சரவணன், எஸ்.ஏ.சிவா, கண்ணன், மோகனா கார்த்திகேயன் உள்ளிட்ட ரமேஷ் முருகேசன், முதலமைச்சர், நகராட்சி அதிகாரிகள், கவுன்சிலர்கள் மற்றும் நகர கழக நிர்வாகிகள் கலந்து கொண்டனர்.
